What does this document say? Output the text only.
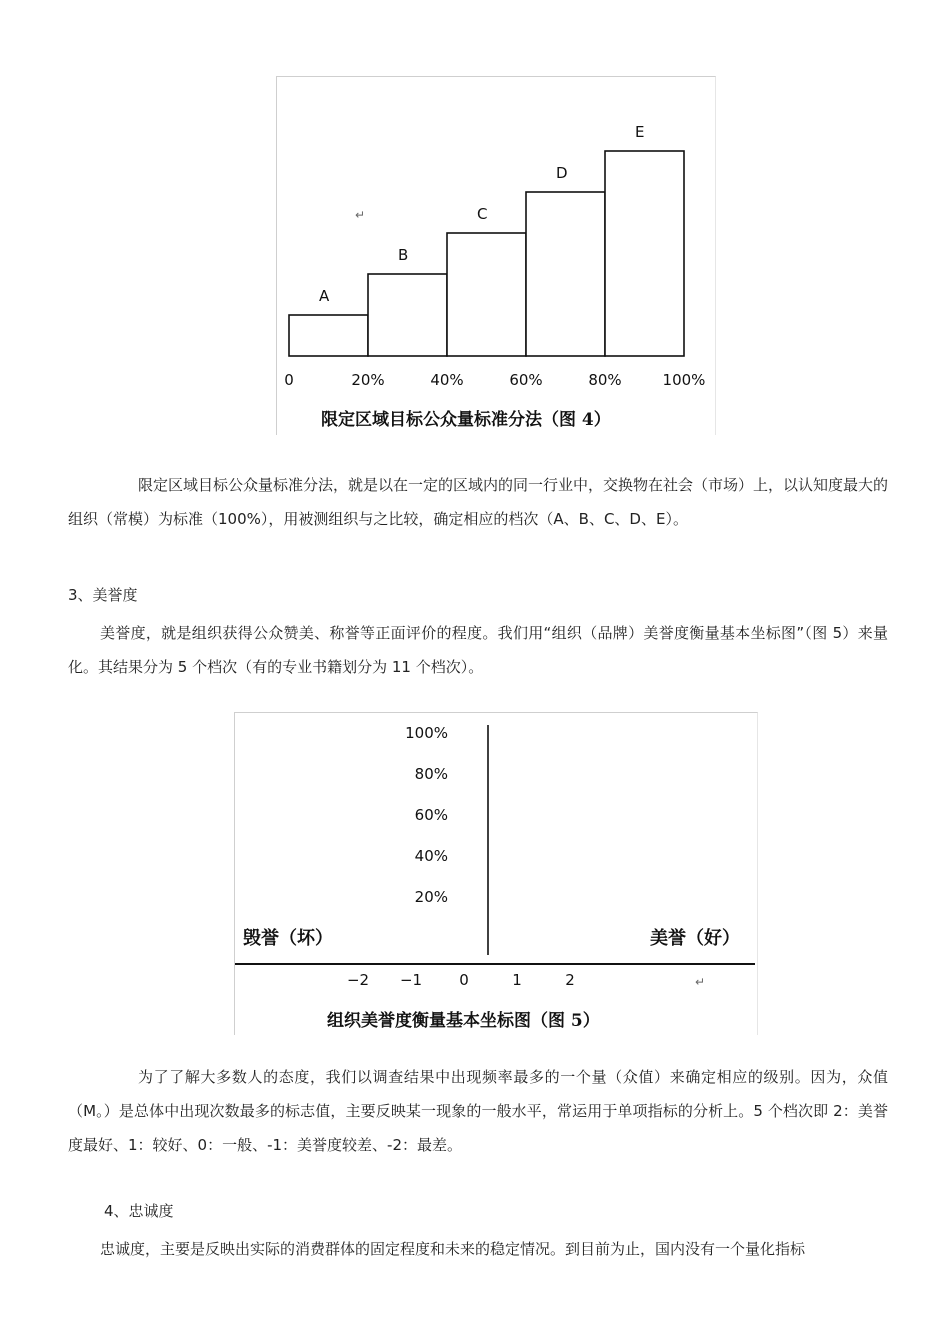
A
B
C
D
E
0	20%	40%	60%	80%	100%
↵
限定区域目标公众量标准分法（图 4）

限定区域目标公众量标准分法，就是以在一定的区域内的同一行业中，交换物在社会（市场）上，以认知度最大的组织（常模）为标准（100%），用被测组织与之比较，确定相应的档次（A、B、C、D、E）。

3、美誉度

美誉度，就是组织获得公众赞美、称誉等正面评价的程度。我们用“组织（品牌）美誉度衡量基本坐标图”（图 5）来量化。其结果分为 5 个档次（有的专业书籍划分为 11 个档次）。

100%
80%
60%
40%
20%
毁誉（坏）	美誉（好）
−2 −1 0	1	2	↵
组织美誉度衡量基本坐标图（图 5）

为了了解大多数人的态度，我们以调查结果中出现频率最多的一个量（众值）来确定相应的级别。因为，众值（M。）是总体中出现次数最多的标志值，主要反映某一现象的一般水平，常运用于单项指标的分析上。5 个档次即 2：美誉度最好、1：较好、0：一般、-1：美誉度较差、-2：最差。

4、忠诚度

忠诚度，主要是反映出实际的消费群体的固定程度和未来的稳定情况。到目前为止，国内没有一个量化指标
